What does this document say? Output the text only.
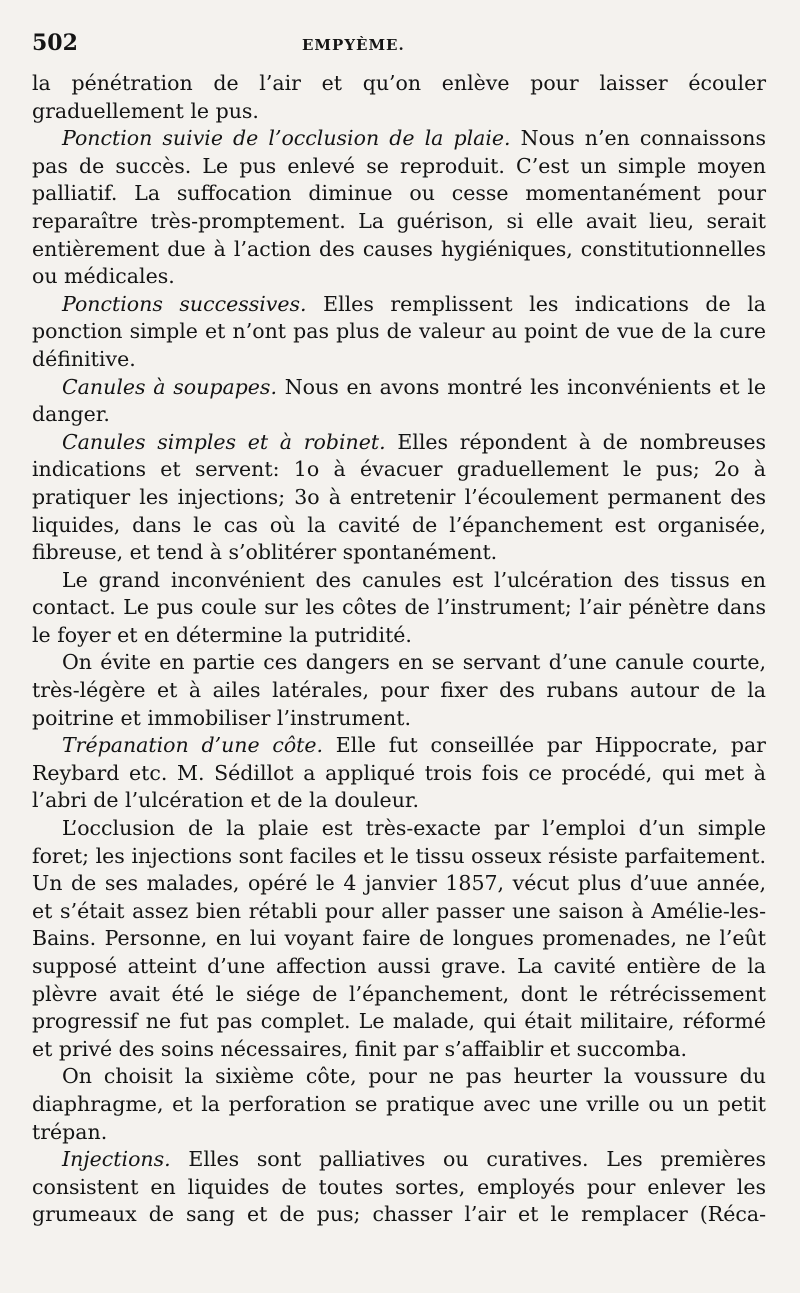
502	EMPYÈME.

la pénétration de l’air et qu’on enlève pour laisser écouler graduellement le pus.

Ponction suivie de l’occlusion de la plaie. Nous n’en connaissons pas de succès. Le pus enlevé se reproduit. C’est un simple moyen palliatif. La suffocation diminue ou cesse momentanément pour reparaître très-promptement. La guérison, si elle avait lieu, serait entièrement due à l’action des causes hygiéniques, constitutionnelles ou médicales.

Ponctions successives. Elles remplissent les indications de la ponction simple et n’ont pas plus de valeur au point de vue de la cure définitive.

Canules à soupapes. Nous en avons montré les inconvénients et le danger.

Canules simples et à robinet. Elles répondent à de nombreuses indications et servent: 1o à évacuer graduellement le pus; 2o à pratiquer les injections; 3o à entretenir l’écoulement permanent des liquides, dans le cas où la cavité de l’épanchement est organisée, fibreuse, et tend à s’oblitérer spontanément.

Le grand inconvénient des canules est l’ulcération des tissus en contact. Le pus coule sur les côtes de l’instrument; l’air pénètre dans le foyer et en détermine la putridité.

On évite en partie ces dangers en se servant d’une canule courte, très-légère et à ailes latérales, pour fixer des rubans autour de la poitrine et immobiliser l’instrument.

Trépanation d’une côte. Elle fut conseillée par Hippocrate, par Reybard etc. M. Sédillot a appliqué trois fois ce procédé, qui met à l’abri de l’ulcération et de la douleur.

L’occlusion de la plaie est très-exacte par l’emploi d’un simple foret; les injections sont faciles et le tissu osseux résiste parfaitement. Un de ses malades, opéré le 4 janvier 1857, vécut plus d’uue année, et s’était assez bien rétabli pour aller passer une saison à Amélie-les-Bains. Personne, en lui voyant faire de longues promenades, ne l’eût supposé atteint d’une affection aussi grave. La cavité entière de la plèvre avait été le siége de l’épanchement, dont le rétrécissement progressif ne fut pas complet. Le malade, qui était militaire, réformé et privé des soins nécessaires, finit par s’affaiblir et succomba.

On choisit la sixième côte, pour ne pas heurter la voussure du diaphragme, et la perforation se pratique avec une vrille ou un petit trépan.

Injections. Elles sont palliatives ou curatives. Les premières consistent en liquides de toutes sortes, employés pour enlever les grumeaux de sang et de pus; chasser l’air et le remplacer (Réca-
